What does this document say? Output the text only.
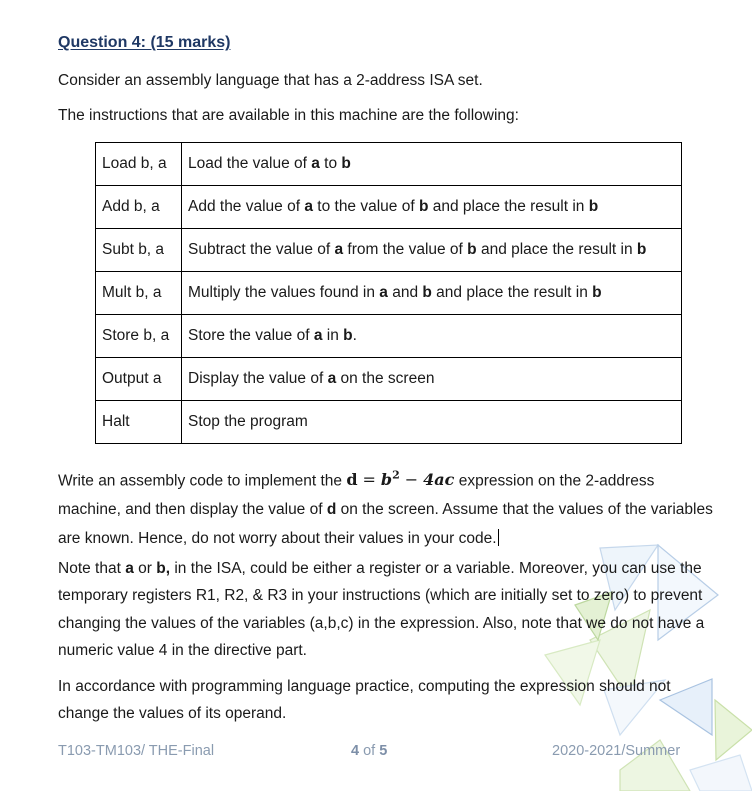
Question 4: (15 marks)
Consider an assembly language that has a 2-address ISA set.
The instructions that are available in this machine are the following:
Load b, a	Load the value of a to b
Add b, a	Add the value of a to the value of b and place the result in b
Subt b, a	Subtract the value of a from the value of b and place the result in b
Mult b, a	Multiply the values found in a and b and place the result in b
Store b, a	Store the value of a in b.
Output a	Display the value of a on the screen
Halt	Stop the program
Write an assembly code to implement the $d = b^2 - 4ac$ expression on the 2-address machine, and then display the value of d on the screen. Assume that the values of the variables are known. Hence, do not worry about their values in your code.
Note that a or b, in the ISA, could be either a register or a variable. Moreover, you can use the temporary registers R1, R2, & R3 in your instructions (which are initially set to zero) to prevent changing the values of the variables (a,b,c) in the expression. Also, note that we do not have a numeric value 4 in the directive part.
In accordance with programming language practice, computing the expression should not change the values of its operand.
T103-TM103/ THE-Final	4 of 5	2020-2021/Summer
